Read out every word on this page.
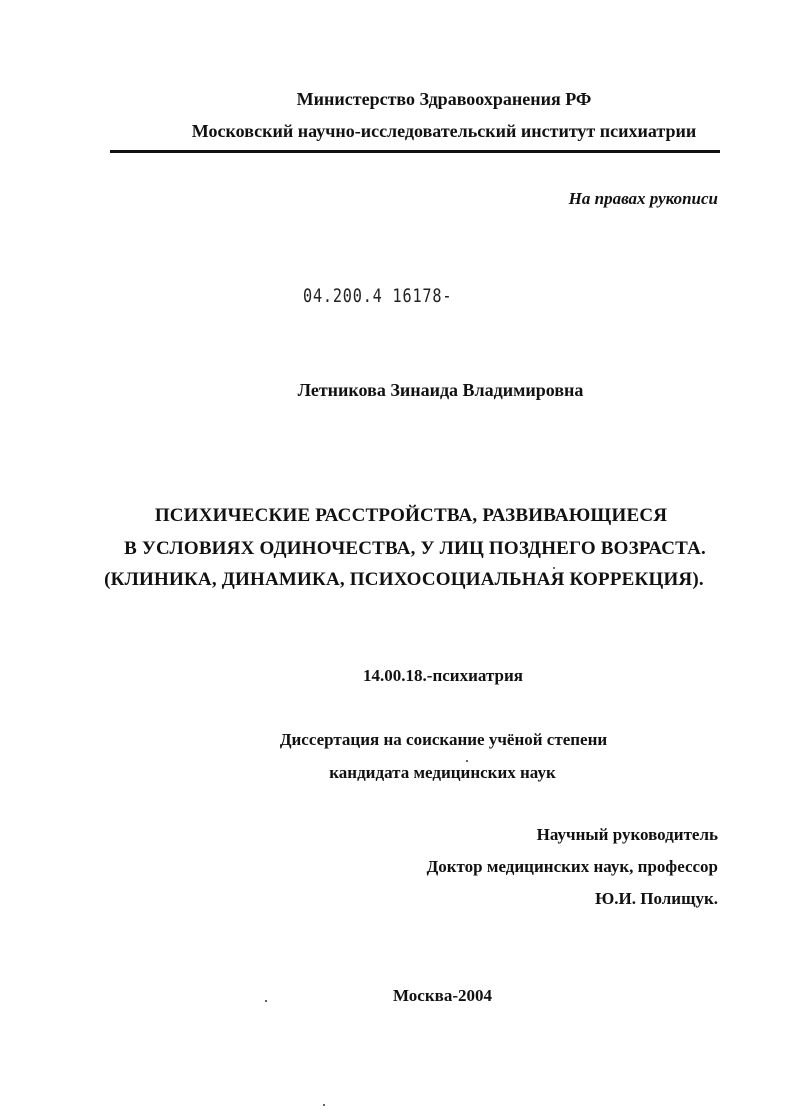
Министерство Здравоохранения РФ
Московский научно-исследовательский институт психиатрии
На правах рукописи
04.200.4 16178-
Летникова Зинаида Владимировна
ПСИХИЧЕСКИЕ РАССТРОЙСТВА, РАЗВИВАЮЩИЕСЯ
В УСЛОВИЯХ ОДИНОЧЕСТВА, У ЛИЦ ПОЗДНЕГО ВОЗРАСТА.
(КЛИНИКА, ДИНАМИКА, ПСИХОСОЦИАЛЬНАЯ КОРРЕКЦИЯ).
14.00.18.-психиатрия
Диссертация на соискание учёной степени
кандидата медицинских наук
Научный руководитель
Доктор медицинских наук, профессор
Ю.И. Полищук.
Москва-2004
